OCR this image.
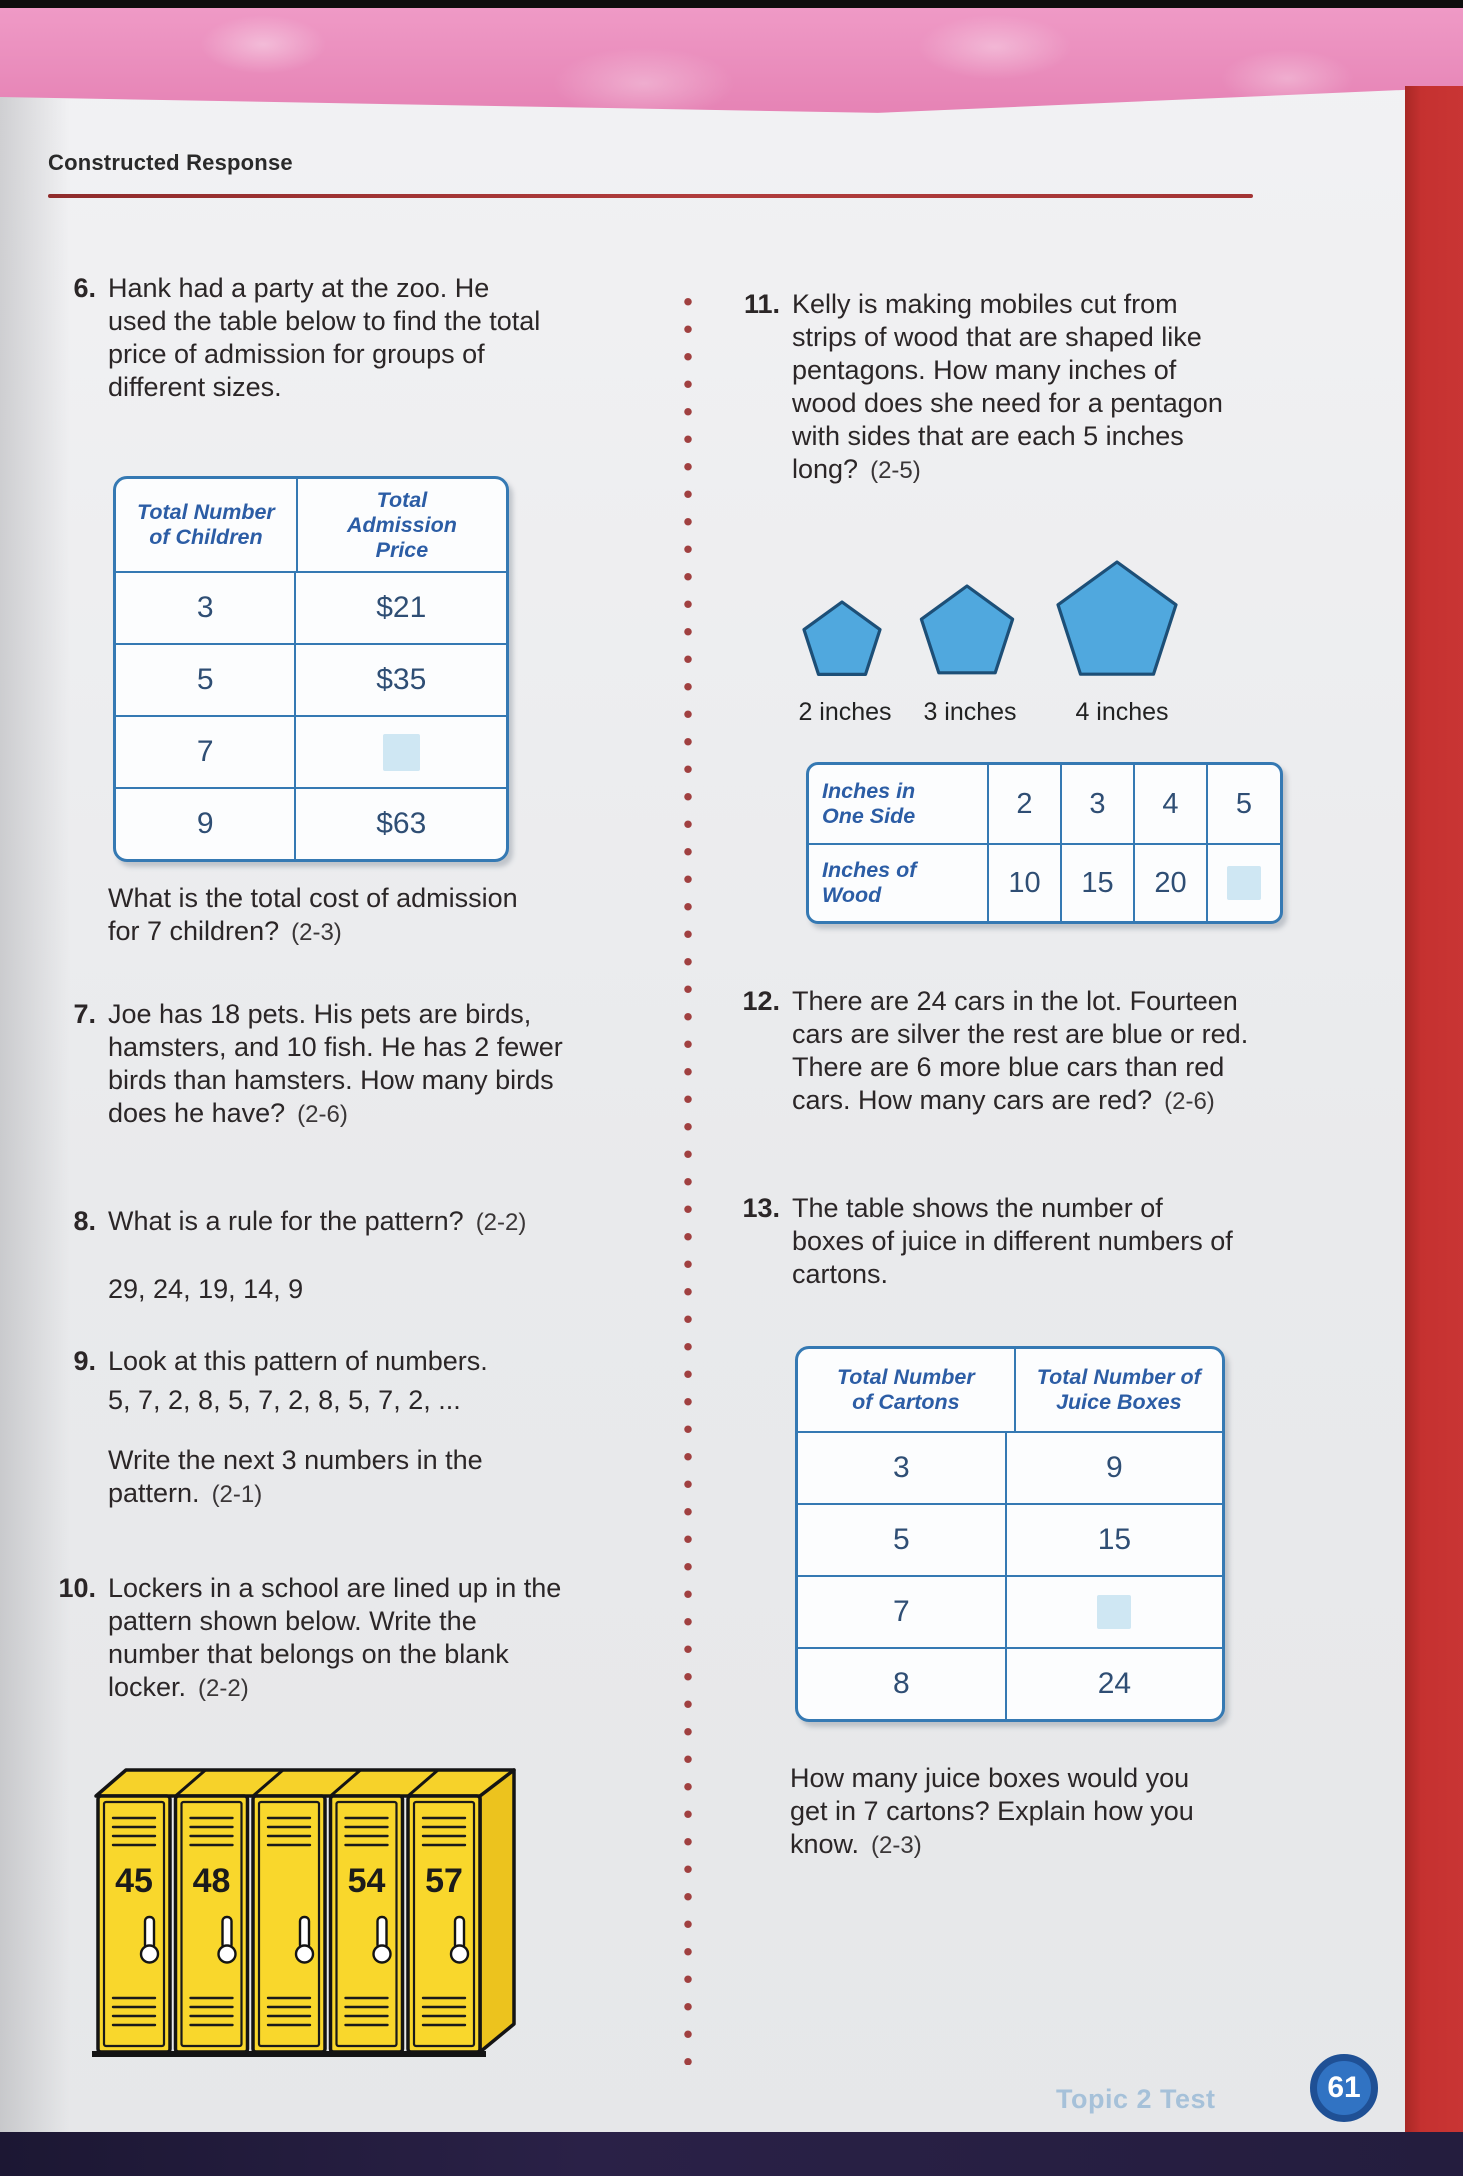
Constructed Response
6. Hank had a party at the zoo. He used the table below to find the total price of admission for groups of different sizes.
Total Number of Children
Total Admission Price
3	$21
5	$35
7
9	$63
What is the total cost of admission for 7 children? (2-3)
7. Joe has 18 pets. His pets are birds, hamsters, and 10 fish. He has 2 fewer birds than hamsters. How many birds does he have? (2-6)
8. What is a rule for the pattern? (2-2)
29, 24, 19, 14, 9
9. Look at this pattern of numbers.
5, 7, 2, 8, 5, 7, 2, 8, 5, 7, 2, ...
Write the next 3 numbers in the pattern. (2-1)
10. Lockers in a school are lined up in the pattern shown below. Write the number that belongs on the blank locker. (2-2)
45 48	54 57
11. Kelly is making mobiles cut from strips of wood that are shaped like pentagons. How many inches of wood does she need for a pentagon with sides that are each 5 inches long? (2-5)
2 inches	3 inches	4 inches
Inches in One Side	2	3	4	5
Inches of Wood	10	15	20
12. There are 24 cars in the lot. Fourteen cars are silver the rest are blue or red. There are 6 more blue cars than red cars. How many cars are red? (2-6)
13. The table shows the number of boxes of juice in different numbers of cartons.
Total Number of Cartons
Total Number of Juice Boxes
3	9
5	15
7
8	24
How many juice boxes would you get in 7 cartons? Explain how you know. (2-3)
Topic 2 Test	61
